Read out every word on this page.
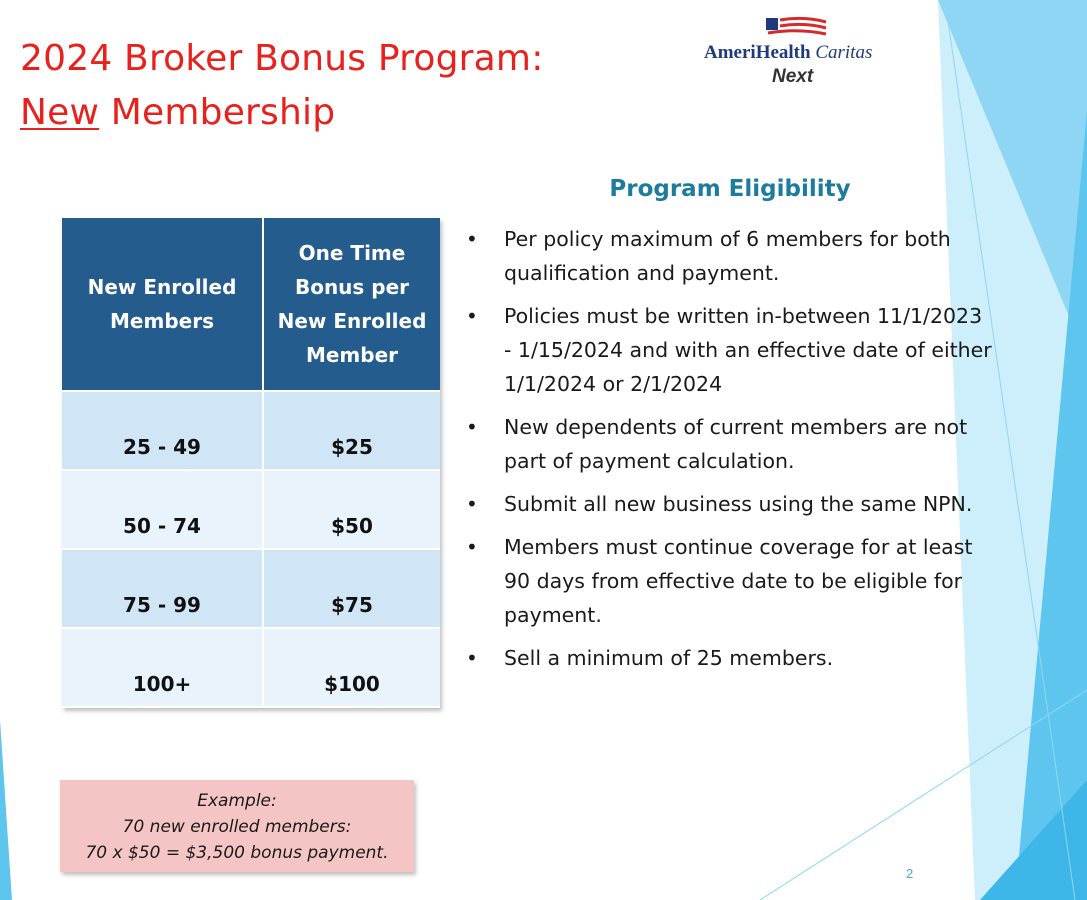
2024 Broker Bonus Program:
New Membership
AmeriHealth Caritas
Next
New Enrolled Members	One Time Bonus per New Enrolled Member
25 - 49	$25
50 - 74	$50
75 - 99	$75
100+	$100
Program Eligibility
• Per policy maximum of 6 members for both qualification and payment.
• Policies must be written in-between 11/1/2023 - 1/15/2024 and with an effective date of either 1/1/2024 or 2/1/2024
• New dependents of current members are not part of payment calculation.
• Submit all new business using the same NPN.
• Members must continue coverage for at least 90 days from effective date to be eligible for payment.
• Sell a minimum of 25 members.
Example:
70 new enrolled members:
70 x $50 = $3,500 bonus payment.
2
